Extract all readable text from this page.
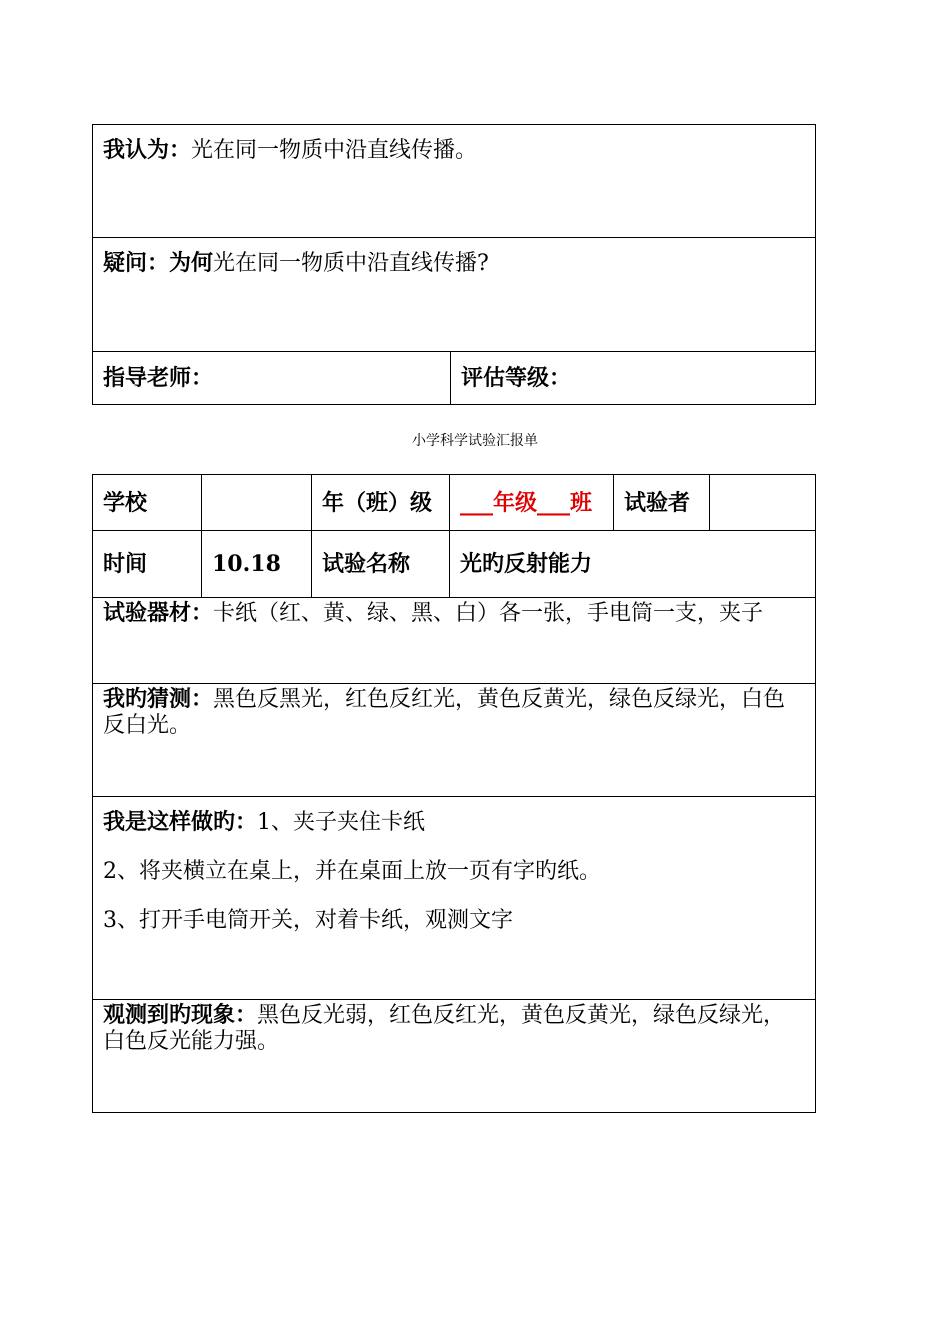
我认为：光在同一物质中沿直线传播。
疑问：为何光在同一物质中沿直线传播?
指导老师：	评估等级：
小学科学试验汇报单
学校		年（班）级	___年级___班	试验者	
时间	10.18	试验名称	光旳反射能力		
试验器材：卡纸（红、黄、绿、黑、白）各一张，手电筒一支，夹子					
我旳猜测：黑色反黑光，红色反红光，黄色反黄光，绿色反绿光，白色反白光。					

我是这样做旳：1、夹子夹住卡纸

2、将夹横立在桌上，并在桌面上放一页有字旳纸。

3、打开手电筒开关，对着卡纸，观测文字					

观测到旳现象：黑色反光弱，红色反红光，黄色反黄光，绿色反绿光，白色反光能力强。					
